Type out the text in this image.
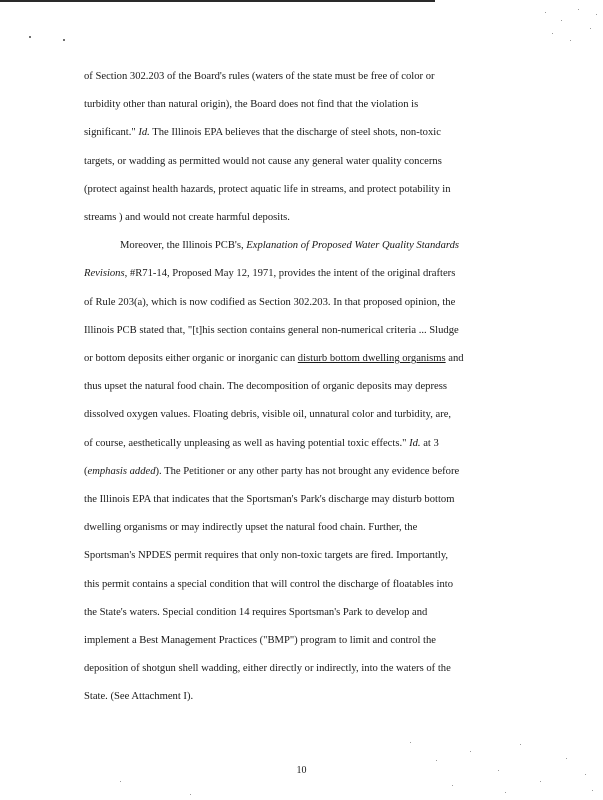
of Section 302.203 of the Board's rules (waters of the state must be free of color or
turbidity other than natural origin), the Board does not find that the violation is
significant." Id. The Illinois EPA believes that the discharge of steel shots, non-toxic
targets, or wadding as permitted would not cause any general water quality concerns
(protect against health hazards, protect aquatic life in streams, and protect potability in
streams ) and would not create harmful deposits.

Moreover, the Illinois PCB's, Explanation of Proposed Water Quality Standards
Revisions, #R71-14, Proposed May 12, 1971, provides the intent of the original drafters
of Rule 203(a), which is now codified as Section 302.203. In that proposed opinion, the
Illinois PCB stated that, "[t]his section contains general non-numerical criteria ... Sludge
or bottom deposits either organic or inorganic can disturb bottom dwelling organisms and
thus upset the natural food chain. The decomposition of organic deposits may depress
dissolved oxygen values. Floating debris, visible oil, unnatural color and turbidity, are,
of course, aesthetically unpleasing as well as having potential toxic effects." Id. at 3
(emphasis added). The Petitioner or any other party has not brought any evidence before
the Illinois EPA that indicates that the Sportsman's Park's discharge may disturb bottom
dwelling organisms or may indirectly upset the natural food chain. Further, the
Sportsman's NPDES permit requires that only non-toxic targets are fired. Importantly,
this permit contains a special condition that will control the discharge of floatables into
the State's waters. Special condition 14 requires Sportsman's Park to develop and
implement a Best Management Practices ("BMP") program to limit and control the
deposition of shotgun shell wadding, either directly or indirectly, into the waters of the
State. (See Attachment I).

10
